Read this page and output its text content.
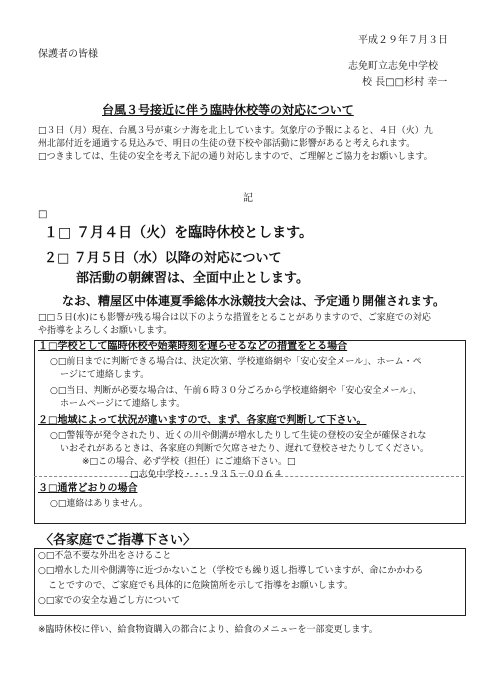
平成２９年７月３日
保護者の皆様
志免町立志免中学校
校 長□□杉村 幸一
台風３号接近に伴う臨時休校等の対応について
□３日（月）現在、台風３号が東シナ海を北上しています。気象庁の予報によると、４日（火）九
州北部付近を通過する見込みで、明日の生徒の登下校や部活動に影響があると考えられます。
□つきましては、生徒の安全を考え下記の通り対応しますので、ご理解とご協力をお願いします。
記
□
１□ ７月４日（火）を臨時休校とします。
２□ ７月５日（水）以降の対応について
部活動の朝練習は、全面中止とします。
なお、糟屋区中体連夏季総体水泳競技大会は、予定通り開催されます。
□□５日(水)にも影響が残る場合は以下のような措置をとることがありますので、ご家庭での対応
や指導をよろしくお願いします。
１□学校として臨時休校や始業時刻を遅らせるなどの措置をとる場合
○□前日までに判断できる場合は、決定次第、学校連絡網や「安心安全メール」、ホーム・ペ
ージにて連絡します。
○□当日、判断が必要な場合は、午前６時３０分ごろから学校連絡網や「安心安全メール」、
ホームページにて連絡します。
２□地域によって状況が違いますので、まず、各家庭で判断して下さい。
○□警報等が発令されたり、近くの川や側溝が増水したりして生徒の登校の安全が確保されな
いおそれがあるときは、各家庭の判断で欠席させたり、遅れて登校させたりしてください。
※□この場合、必ず学校（担任）にご連絡下さい。□
□志免中学校・・・９３５－００６４
３□通常どおりの場合
○□連絡はありません。
〈各家庭でご指導下さい〉
○□不急不要な外出をさけること
○□増水した川や側溝等に近づかないこと（学校でも繰り返し指導していますが、命にかかわる
ことですので、ご家庭でも具体的に危険箇所を示して指導をお願いします。
○□家での安全な過ごし方について
※臨時休校に伴い、給食物資購入の都合により、給食のメニューを一部変更します。
